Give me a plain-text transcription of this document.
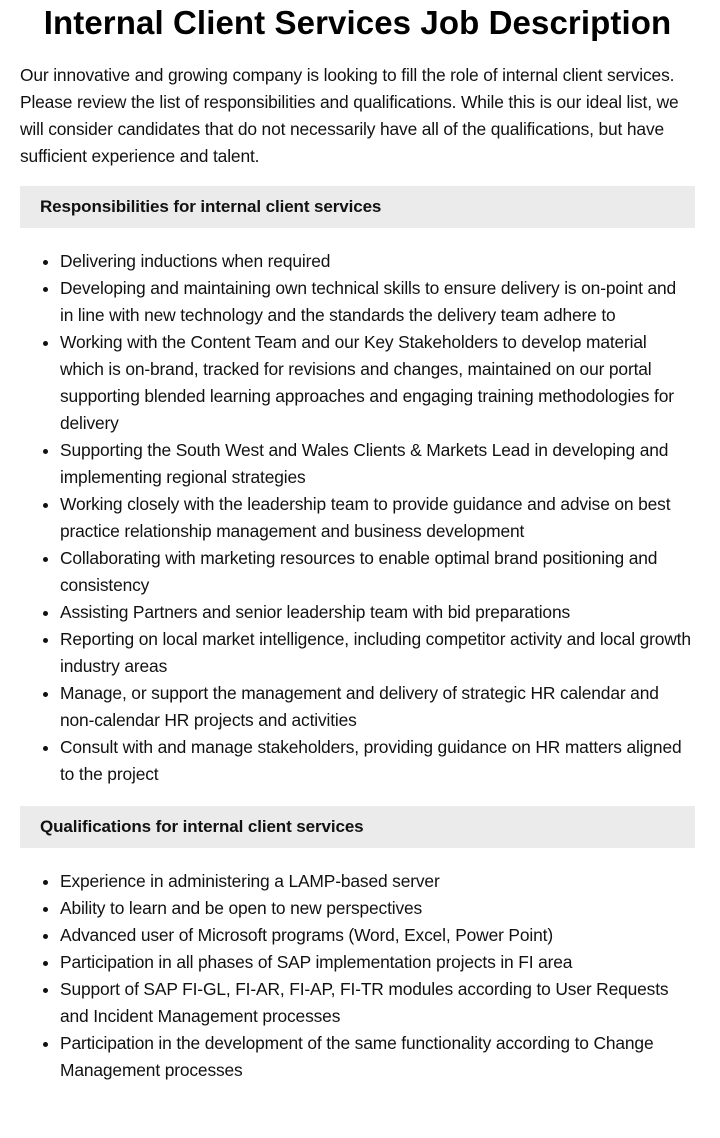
Internal Client Services Job Description

Our innovative and growing company is looking to fill the role of internal client services. Please review the list of responsibilities and qualifications. While this is our ideal list, we will consider candidates that do not necessarily have all of the qualifications, but have sufficient experience and talent.

Responsibilities for internal client services
Delivering inductions when required
Developing and maintaining own technical skills to ensure delivery is on-point and in line with new technology and the standards the delivery team adhere to
Working with the Content Team and our Key Stakeholders to develop material which is on-brand, tracked for revisions and changes, maintained on our portal supporting blended learning approaches and engaging training methodologies for delivery
Supporting the South West and Wales Clients & Markets Lead in developing and implementing regional strategies
Working closely with the leadership team to provide guidance and advise on best practice relationship management and business development
Collaborating with marketing resources to enable optimal brand positioning and consistency
Assisting Partners and senior leadership team with bid preparations
Reporting on local market intelligence, including competitor activity and local growth industry areas
Manage, or support the management and delivery of strategic HR calendar and non-calendar HR projects and activities
Consult with and manage stakeholders, providing guidance on HR matters aligned to the project
Qualifications for internal client services
Experience in administering a LAMP-based server
Ability to learn and be open to new perspectives
Advanced user of Microsoft programs (Word, Excel, Power Point)
Participation in all phases of SAP implementation projects in FI area
Support of SAP FI-GL, FI-AR, FI-AP, FI-TR modules according to User Requests and Incident Management processes
Participation in the development of the same functionality according to Change Management processes
